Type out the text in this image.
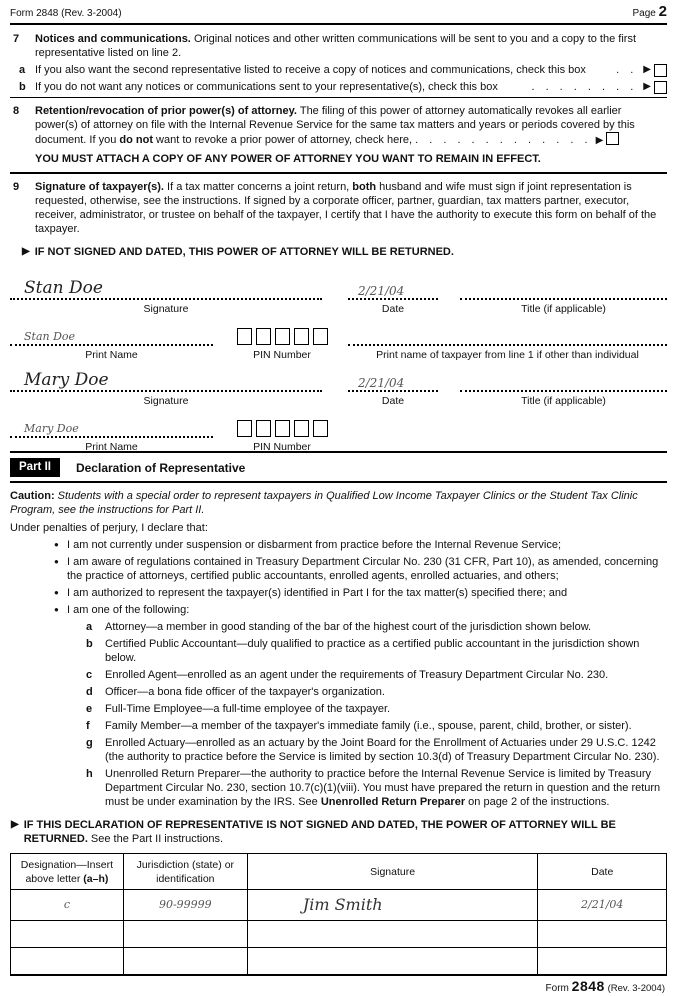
Form 2848 (Rev. 3-2004)	Page 2
7	Notices and communications. Original notices and other written communications will be sent to you and a copy to the first representative listed on line 2.
a If you also want the second representative listed to receive a copy of notices and communications, check this box	. . ▶
b If you do not want any notices or communications sent to your representative(s), check this box	. . . . . . . . ▶
8	Retention/revocation of prior power(s) of attorney. The filing of this power of attorney automatically revokes all earlier power(s) of attorney on file with the Internal Revenue Service for the same tax matters and years or periods covered by this document. If you do not want to revoke a prior power of attorney, check here, . . . . . . . . . . . . . ▶
YOU MUST ATTACH A COPY OF ANY POWER OF ATTORNEY YOU WANT TO REMAIN IN EFFECT.
9	Signature of taxpayer(s). If a tax matter concerns a joint return, both husband and wife must sign if joint representation is requested, otherwise, see the instructions. If signed by a corporate officer, partner, guardian, tax matters partner, executor, receiver, administrator, or trustee on behalf of the taxpayer, I certify that I have the authority to execute this form on behalf of the taxpayer.
▶ IF NOT SIGNED AND DATED, THIS POWER OF ATTORNEY WILL BE RETURNED.
Stan Doe
Signature
2/21/04
Date	Title (if applicable)
Stan Doe
Print Name	PIN Number	Print name of taxpayer from line 1 if other than individual
Mary Doe
Signature
2/21/04
Date	Title (if applicable)
Mary Doe
Print Name	PIN Number
Part II	Declaration of Representative
Caution: Students with a special order to represent taxpayers in Qualified Low Income Taxpayer Clinics or the Student Tax Clinic Program, see the instructions for Part II.
Under penalties of perjury, I declare that:
● I am not currently under suspension or disbarment from practice before the Internal Revenue Service;
● I am aware of regulations contained in Treasury Department Circular No. 230 (31 CFR, Part 10), as amended, concerning the practice of attorneys, certified public accountants, enrolled agents, enrolled actuaries, and others;
● I am authorized to represent the taxpayer(s) identified in Part I for the tax matter(s) specified there; and
● I am one of the following:
a	Attorney—a member in good standing of the bar of the highest court of the jurisdiction shown below.
b	Certified Public Accountant—duly qualified to practice as a certified public accountant in the jurisdiction shown below.
c	Enrolled Agent—enrolled as an agent under the requirements of Treasury Department Circular No. 230.
d	Officer—a bona fide officer of the taxpayer's organization.
e	Full-Time Employee—a full-time employee of the taxpayer.
f	Family Member—a member of the taxpayer's immediate family (i.e., spouse, parent, child, brother, or sister).
g	Enrolled Actuary—enrolled as an actuary by the Joint Board for the Enrollment of Actuaries under 29 U.S.C. 1242 (the authority to practice before the Service is limited by section 10.3(d) of Treasury Department Circular No. 230).
h	Unenrolled Return Preparer—the authority to practice before the Internal Revenue Service is limited by Treasury Department Circular No. 230, section 10.7(c)(1)(viii). You must have prepared the return in question and the return must be under examination by the IRS. See Unenrolled Return Preparer on page 2 of the instructions.
▶ IF THIS DECLARATION OF REPRESENTATIVE IS NOT SIGNED AND DATED, THE POWER OF ATTORNEY WILL BE RETURNED. See the Part II instructions.
Designation—Insert above letter (a–h)	Jurisdiction (state) or identification	Signature	Date
c	90-99999	Jim Smith	2/21/04

Form 2848 (Rev. 3-2004)
